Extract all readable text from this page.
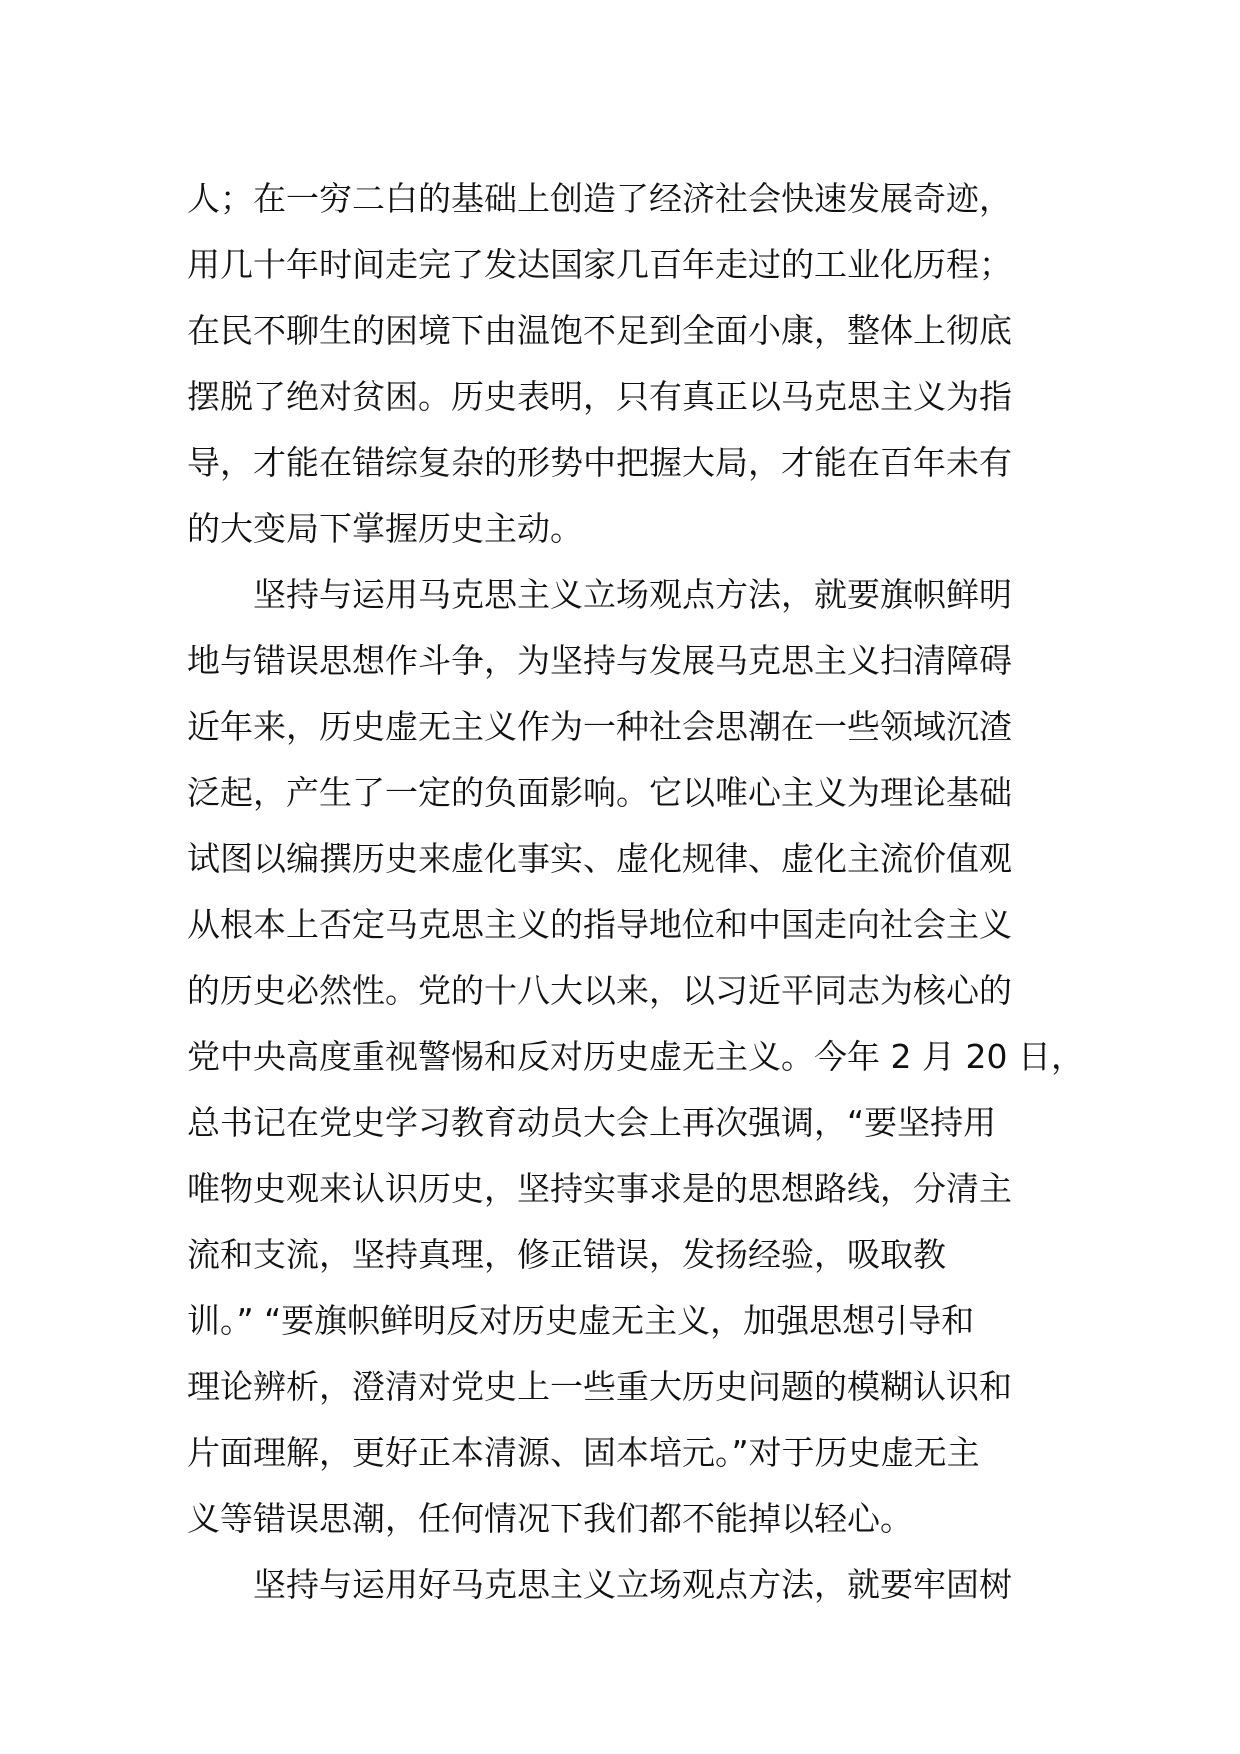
人；在一穷二白的基础上创造了经济社会快速发展奇迹，
用几十年时间走完了发达国家几百年走过的工业化历程；
在民不聊生的困境下由温饱不足到全面小康，整体上彻底
摆脱了绝对贫困。历史表明，只有真正以马克思主义为指
导，才能在错综复杂的形势中把握大局，才能在百年未有
的大变局下掌握历史主动。
坚持与运用马克思主义立场观点方法，就要旗帜鲜明
地与错误思想作斗争，为坚持与发展马克思主义扫清障碍
近年来，历史虚无主义作为一种社会思潮在一些领域沉渣
泛起，产生了一定的负面影响。它以唯心主义为理论基础
试图以编撰历史来虚化事实、虚化规律、虚化主流价值观
从根本上否定马克思主义的指导地位和中国走向社会主义
的历史必然性。党的十八大以来，以习近平同志为核心的
党中央高度重视警惕和反对历史虚无主义。今年 2 月 20 日，
总书记在党史学习教育动员大会上再次强调，“要坚持用
唯物史观来认识历史，坚持实事求是的思想路线，分清主
流和支流，坚持真理，修正错误，发扬经验，吸取教
训。” “要旗帜鲜明反对历史虚无主义，加强思想引导和
理论辨析，澄清对党史上一些重大历史问题的模糊认识和
片面理解，更好正本清源、固本培元。”对于历史虚无主
义等错误思潮，任何情况下我们都不能掉以轻心。
坚持与运用好马克思主义立场观点方法，就要牢固树
